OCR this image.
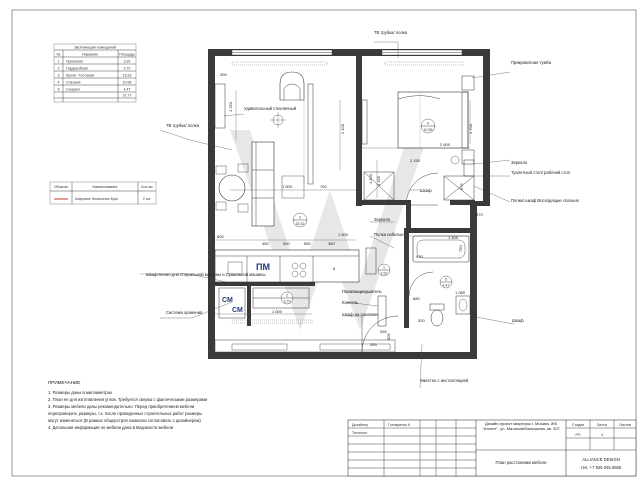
Экспликация помещений
№	Название	Площадь
1 Прихожая	3,92
2 Гардеробная	3,70
3 Кухня - Гостиная	15,32
4 Спальня	10,96
5 Санузел	4,47
37,77
Обознач	Наименование	Кол-во
Ковровое Кнопочное Бра!	2 шт.
ПМ	x
СМ
СМ
1
3,92
2
3,70
3
15,32
4
10,96
5
4,47
300
1 250
2 100
1 000	700
1 700
2 600
1 155
675
470
600
450	500	650	380
1 600
1 400
920
750
805
390
355
1 080
880
320
1 500
1 800
2 150
ТВ трубка/ полка
ТВ трубка/ полка
Прикроватная тумба
Удивительный стеклянный
Зеркало
Туалетный стол/ рабочий стол
Полки/ шкаф Восходящие спальня
Шкаф
Зеркало
Полка набитые
Шкаф-пенал для Стиральной машины и Сушильной машины
Система хранения
Полотенцесушитель
Консоль
Шкаф на раковине
Шкаф
Уместно с инсталляцией
ПРИМЕЧАНИЕ
1. Размеры даны в миллиметрах
2. План не для изготовления углов. Требуется сверка с фактическими размерами
3. Размеры мебели даны рекомендательно. Перед приобретением мебели
перепроверить размеры, т.к. после проведенных строительных работ размеры
могут изменяться (В рамках общерстроя комнатки согласовать с дизайнером)
4. Детальная информация по мебели дана в Ведомости мебели	Дизайнер
Технолог
Гончаренко К.	Дизайн-проект квартиры г. Москва, ЖК "Атлант", ул. Малахов/Малышева, кв. 307
План расстановки мебели
Стадия	Листы	Листов
РП	4
ALLIANCE DESIGN
тел. +7 925 045 6555
